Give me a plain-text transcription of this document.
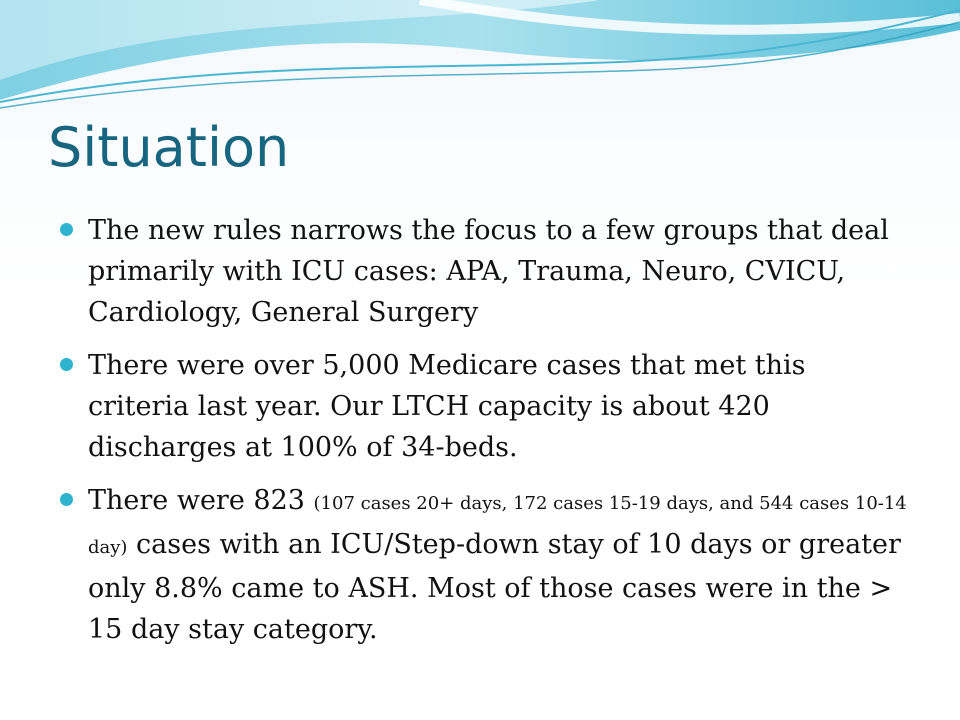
Situation
The new rules narrows the focus to a few groups that deal primarily with ICU cases: APA, Trauma, Neuro, CVICU, Cardiology, General Surgery
There were over 5,000 Medicare cases that met this criteria last year. Our LTCH capacity is about 420 discharges at 100% of 34-beds.
There were 823 (107 cases 20+ days, 172 cases 15-19 days, and 544 cases 10-14 day) cases with an ICU/Step-down stay of 10 days or greater only 8.8% came to ASH. Most of those cases were in the > 15 day stay category.
